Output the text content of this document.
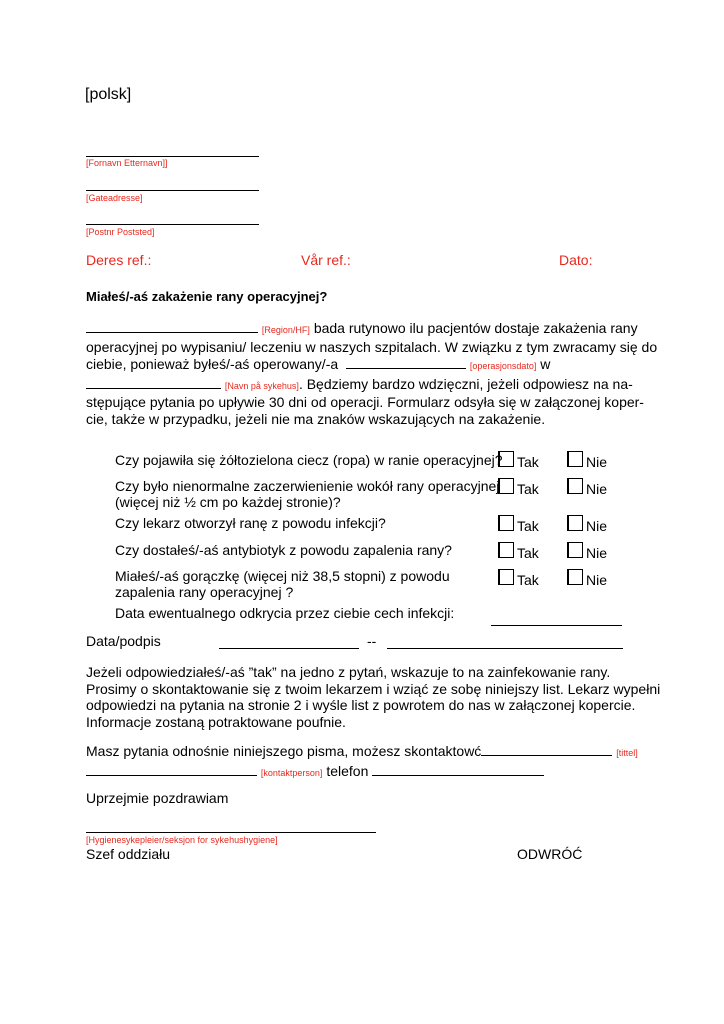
[polsk]
[Fornavn Etternavn]]
[Gateadresse]
[Postnr Poststed]
Deres ref.:	Vår ref.:	Dato:
Miałeś/-aś zakażenie rany operacyjnej?
[Region/HF] bada rutynowo ilu pacjentów dostaje zakażenia rany
operacyjnej po wypisaniu/ leczeniu w naszych szpitalach. W związku z tym zwracamy się do
ciebie, ponieważ byłeś/-aś operowany/-a	[operasjonsdato] w
[Navn på sykehus]. Będziemy bardzo wdzięczni, jeżeli odpowiesz na na-
stępujące pytania po upływie 30 dni od operacji. Formularz odsyła się w załączonej koper-
cie, także w przypadku, jeżeli nie ma znaków wskazujących na zakażenie.
Czy pojawiła się żółtozielona ciecz (ropa) w ranie operacyjnej? Tak	Nie
Czy było nienormalne zaczerwienienie wokół rany operacyjnej
(więcej niż ½ cm po każdej stronie)?
Tak	Nie
Czy lekarz otworzył ranę z powodu infekcji?	Tak	Nie
Czy dostałeś/-aś antybiotyk z powodu zapalenia rany?	Tak	Nie
Miałeś/-aś gorączkę (więcej niż 38,5 stopni) z powodu
zapalenia rany operacyjnej ?
Tak	Nie
Data ewentualnego odkrycia przez ciebie cech infekcji:
Data/podpis	--
Jeżeli odpowiedziałeś/-aś ”tak” na jedno z pytań, wskazuje to na zainfekowanie rany.
Prosimy o skontaktowanie się z twoim lekarzem i wziąć ze sobę niniejszy list. Lekarz wypełni
odpowiedzi na pytania na stronie 2 i wyśle list z powrotem do nas w załączonej kopercie.
Informacje zostaną potraktowane poufnie.
Masz pytania odnośnie niniejszego pisma, możesz skontaktowć	[tittel]
[kontaktperson] telefon
Uprzejmie pozdrawiam
[Hygienesykepleier/seksjon for sykehushygiene]
Szef oddziału	ODWRÓĆ
